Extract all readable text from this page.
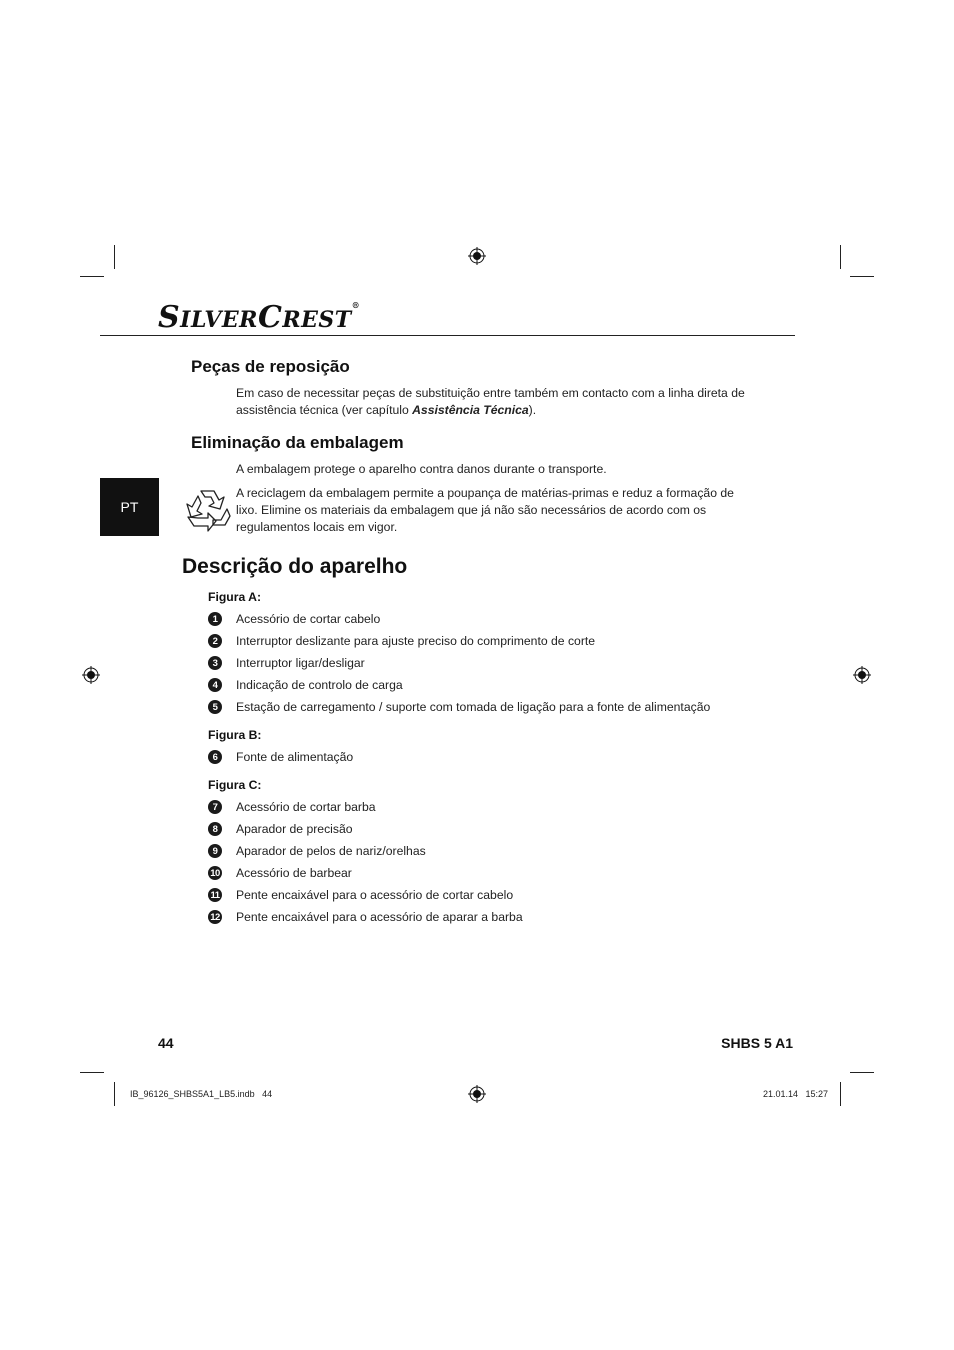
SILVERCREST®
PT
Peças de reposição
Em caso de necessitar peças de substituição entre também em contacto com a linha direta de assistência técnica (ver capítulo Assistência Técnica).
Eliminação da embalagem
A embalagem protege o aparelho contra danos durante o transporte.
A reciclagem da embalagem permite a poupança de matérias-primas e reduz a formação de lixo. Elimine os materiais da embalagem que já não são necessários de acordo com os regulamentos locais em vigor.
Descrição do aparelho
Figura A:
1	Acessório de cortar cabelo
2	Interruptor deslizante para ajuste preciso do comprimento de corte
3	Interruptor ligar/desligar
4	Indicação de controlo de carga
5	Estação de carregamento / suporte com tomada de ligação para a fonte de alimentação
Figura B:
6	Fonte de alimentação
Figura C:
7	Acessório de cortar barba
8	Aparador de precisão
9	Aparador de pelos de nariz/orelhas
10 Acessório de barbear
11 Pente encaixável para o acessório de cortar cabelo
12 Pente encaixável para o acessório de aparar a barba
44	SHBS 5 A1
IB_96126_SHBS5A1_LB5.indb   44	21.01.14   15:27
